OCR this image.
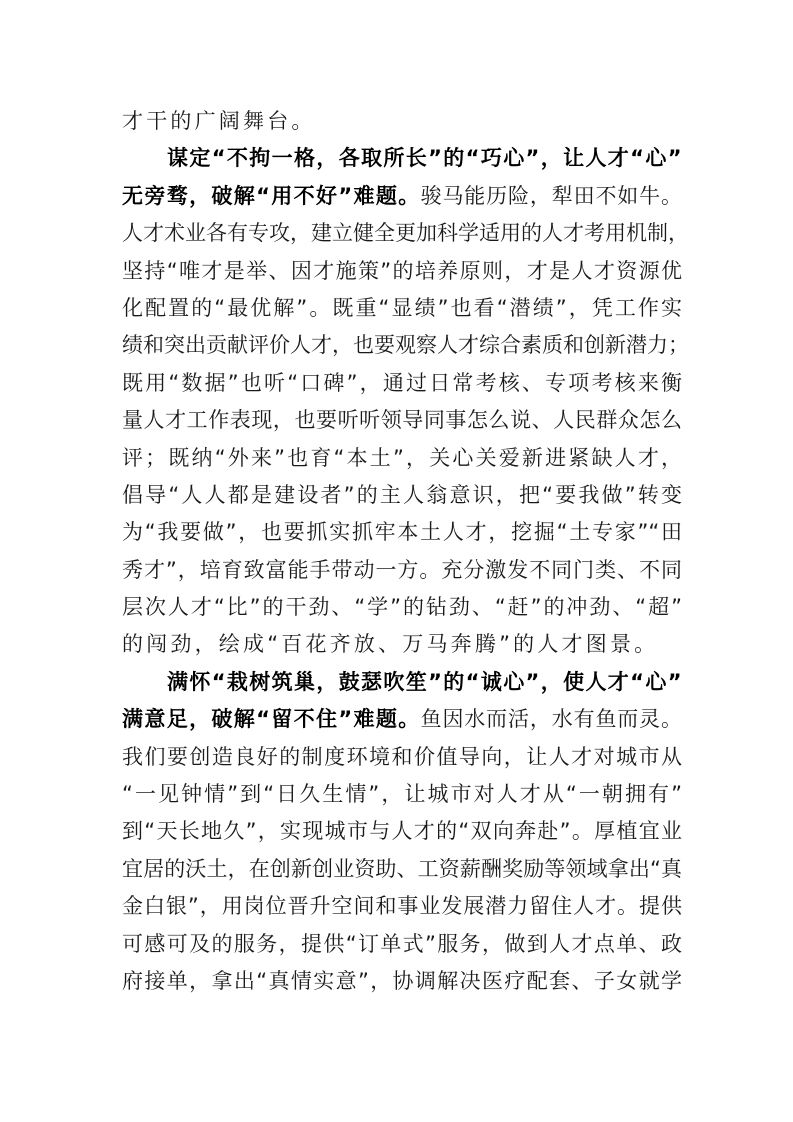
才干的广阔舞台。
谋定“不拘一格，各取所长”的“巧心”，让人才“心”
无旁骛，破解“用不好”难题。骏马能历险，犁田不如牛。
人才术业各有专攻，建立健全更加科学适用的人才考用机制，
坚持“唯才是举、因才施策”的培养原则，才是人才资源优
化配置的“最优解”。既重“显绩”也看“潜绩”，凭工作实
绩和突出贡献评价人才，也要观察人才综合素质和创新潜力；
既用“数据”也听“口碑”，通过日常考核、专项考核来衡
量人才工作表现，也要听听领导同事怎么说、人民群众怎么
评；既纳“外来”也育“本土”，关心关爱新进紧缺人才，
倡导“人人都是建设者”的主人翁意识，把“要我做”转变
为“我要做”，也要抓实抓牢本土人才，挖掘“土专家”“田
秀才”，培育致富能手带动一方。充分激发不同门类、不同
层次人才“比”的干劲、“学”的钻劲、“赶”的冲劲、“超”
的闯劲，绘成“百花齐放、万马奔腾”的人才图景。
满怀“栽树筑巢，鼓瑟吹笙”的“诚心”，使人才“心”
满意足，破解“留不住”难题。鱼因水而活，水有鱼而灵。
我们要创造良好的制度环境和价值导向，让人才对城市从
“一见钟情”到“日久生情”，让城市对人才从“一朝拥有”
到“天长地久”，实现城市与人才的“双向奔赴”。厚植宜业
宜居的沃土，在创新创业资助、工资薪酬奖励等领域拿出“真
金白银”，用岗位晋升空间和事业发展潜力留住人才。提供
可感可及的服务，提供“订单式”服务，做到人才点单、政
府接单，拿出“真情实意”，协调解决医疗配套、子女就学
